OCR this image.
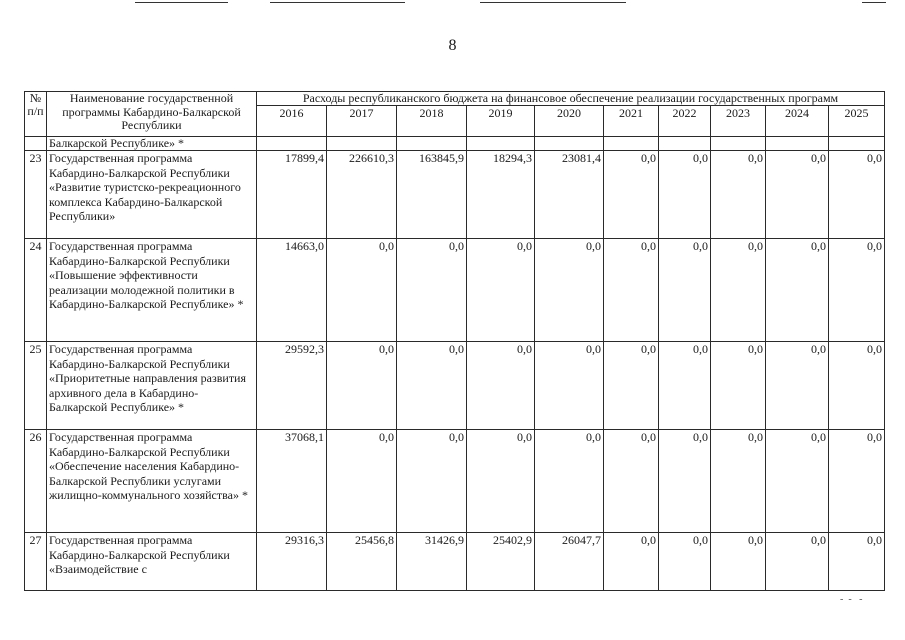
8
№ п/п	Наименование государственной программы Кабардино-Балкарской Республики	Расходы республиканского бюджета на финансовое обеспечение реализации государственных программ									
		2016	2017	2018	2019	2020	2021	2022	2023	2024	2025
	Балкарской Республике» *										
23	Государственная программа Кабардино-Балкарской Республики «Развитие туристско-рекреационного комплекса Кабардино-Балкарской Республики»	17899,4	226610,3	163845,9	18294,3	23081,4	0,0	0,0	0,0	0,0	0,0
24	Государственная программа Кабардино-Балкарской Республики «Повышение эффективности реализации молодежной политики в Кабардино-Балкарской Республике» *	14663,0	0,0	0,0	0,0	0,0	0,0	0,0	0,0	0,0	0,0
25	Государственная программа Кабардино-Балкарской Республики «Приоритетные направления развития архивного дела в Кабардино-Балкарской Республике» *	29592,3	0,0	0,0	0,0	0,0	0,0	0,0	0,0	0,0	0,0
26	Государственная программа Кабардино-Балкарской Республики «Обеспечение населения Кабардино-Балкарской Республики услугами жилищно-коммунального хозяйства» *	37068,1	0,0	0,0	0,0	0,0	0,0	0,0	0,0	0,0	0,0
27	Государственная программа Кабардино-Балкарской Республики «Взаимодействие с	29316,3	25456,8	31426,9	25402,9	26047,7	0,0	0,0	0,0	0,0	0,0
-  -   -
